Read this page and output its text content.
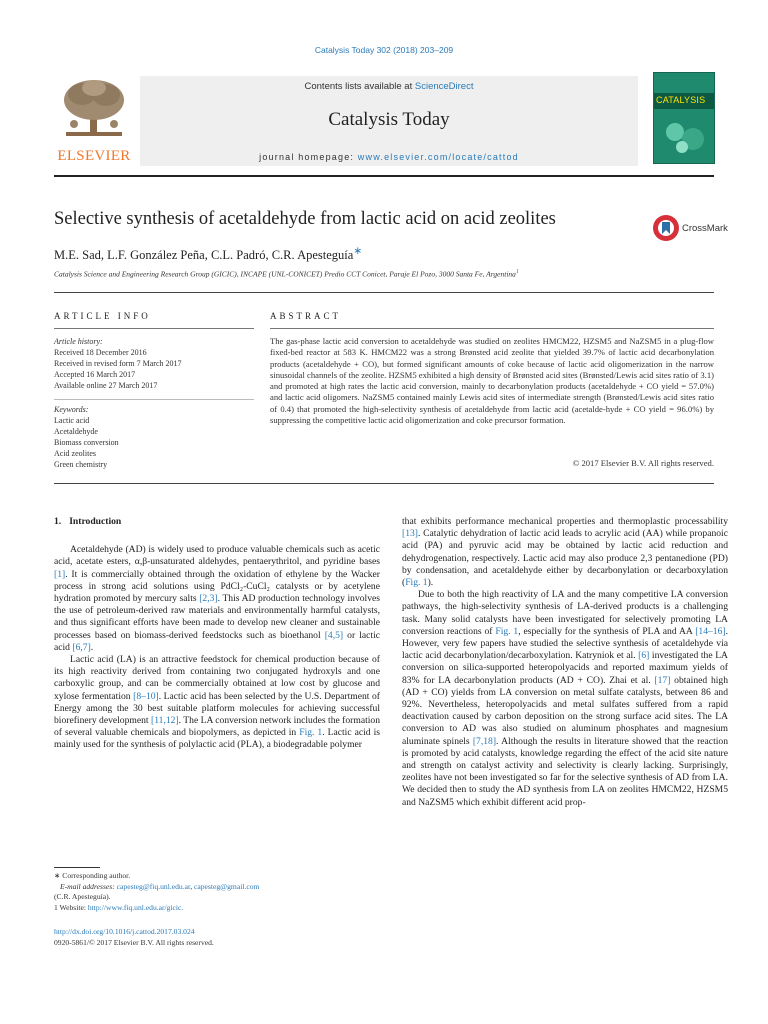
Catalysis Today 302 (2018) 203–209
ELSEVIER
Contents lists available at ScienceDirect
Catalysis Today
journal homepage: www.elsevier.com/locate/cattod
CATALYSIS
Selective synthesis of acetaldehyde from lactic acid on acid zeolites	CrossMark
M.E. Sad, L.F. González Peña, C.L. Padró, C.R. Apesteguía∗
Catalysis Science and Engineering Research Group (GICIC), INCAPE (UNL-CONICET) Predio CCT Conicet, Paraje El Pozo, 3000 Santa Fe, Argentina$^1$
ARTICLE INFO	ABSTRACT
Article history:
Received 18 December 2016
Received in revised form 7 March 2017
Accepted 16 March 2017
Available online 27 March 2017
Keywords:
Lactic acid
Acetaldehyde
Biomass conversion
Acid zeolites
Green chemistry
The gas-phase lactic acid conversion to acetaldehyde was studied on zeolites HMCM22, HZSM5 and NaZSM5 in a plug-flow fixed-bed reactor at 583 K. HMCM22 was a strong Brønsted acid zeolite that yielded 39.7% of lactic acid decarbonylation products (acetaldehyde + CO), but formed significant amounts of coke because of lactic acid oligomerization in the narrow sinusoidal channels of the zeolite. HZSM5 exhibited a high density of Brønsted acid sites (Brønsted/Lewis acid sites ratio of 3.1) and promoted at high rates the lactic acid conversion, mainly to decarbonylation products (acetaldehyde + CO yield = 57.0%) and lactic acid oligomers. NaZSM5 contained mainly Lewis acid sites of intermediate strength (Brønsted/Lewis acid sites ratio of 0.4) that promoted the high-selectivity synthesis of acetaldehyde from lactic acid (acetalde-hyde + CO yield = 96.0%) by suppressing the competitive lactic acid oligomerization and coke precursor formation.
© 2017 Elsevier B.V. All rights reserved.
1. Introduction

Acetaldehyde (AD) is widely used to produce valuable chemicals such as acetic acid, acetate esters, α,β-unsaturated aldehydes, pentaerythritol, and pyridine bases [1]. It is commercially obtained through the oxidation of ethylene by the Wacker process in strong acid solutions using PdCl₂-CuCl₂ catalysts or by acetylene hydration promoted by mercury salts [2,3]. This AD production technology involves the use of petroleum-derived raw materials and environmentally harmful catalysts, and thus significant efforts have been made to develop new cleaner and sustainable processes based on biomass-derived feedstocks such as bioethanol [4,5] or lactic acid [6,7].

Lactic acid (LA) is an attractive feedstock for chemical production because of its high reactivity derived from containing two conjugated hydroxyls and one carboxylic group, and can be commercially obtained at low cost by glucose and xylose fermentation [8–10]. Lactic acid has been selected by the U.S. Department of Energy among the 30 best suitable platform molecules for achieving successful biorefinery development [11,12]. The LA conversion network includes the formation of several valuable chemicals and biopolymers, as depicted in Fig. 1. Lactic acid is mainly used for the synthesis of polylactic acid (PLA), a biodegradable polymer

that exhibits performance mechanical properties and thermoplastic processability [13]. Catalytic dehydration of lactic acid leads to acrylic acid (AA) while propanoic acid (PA) and pyruvic acid may be obtained by lactic acid reduction and dehydrogenation, respectively. Lactic acid may also produce 2,3 pentanedione (PD) by condensation, and acetaldehyde either by decarbonylation or decarboxylation (Fig. 1).

Due to both the high reactivity of LA and the many competitive LA conversion pathways, the high-selectivity synthesis of LA-derived products is a challenging task. Many solid catalysts have been investigated for selectively promoting LA conversion reactions of Fig. 1, especially for the synthesis of PLA and AA [14–16]. However, very few papers have studied the selective synthesis of acetaldehyde via lactic acid decarbonylation/decarboxylation. Katryniok et al. [6] investigated the LA conversion on silica-supported heteropolyacids and reported maximum yields of 83% for LA decarbonylation products (AD + CO). Zhai et al. [17] obtained high (AD + CO) yields from LA conversion on metal sulfate catalysts, between 86 and 92%. Nevertheless, heteropolyacids and metal sulfates suffered from a rapid deactivation caused by carbon deposition on the strong surface acid sites. The LA conversion to AD was also studied on aluminum phosphates and magnesium aluminate spinels [7,18]. Although the results in literature showed that the reaction is promoted by acid catalysts, knowledge regarding the effect of the acid site nature and strength on catalyst activity and selectivity is clearly lacking. Surprisingly, zeolites have not been investigated so far for the selective synthesis of AD from LA. We decided then to study the AD synthesis from LA on zeolites HMCM22, HZSM5 and NaZSM5 which exhibit different acid prop-

∗ Corresponding author.
E-mail addresses: capesteg@fiq.unl.edu.ar, capesteg@gmail.com
(C.R. Apesteguía).
1 Website: http://www.fiq.unl.edu.ar/gicic.
http://dx.doi.org/10.1016/j.cattod.2017.03.024
0920-5861/© 2017 Elsevier B.V. All rights reserved.
